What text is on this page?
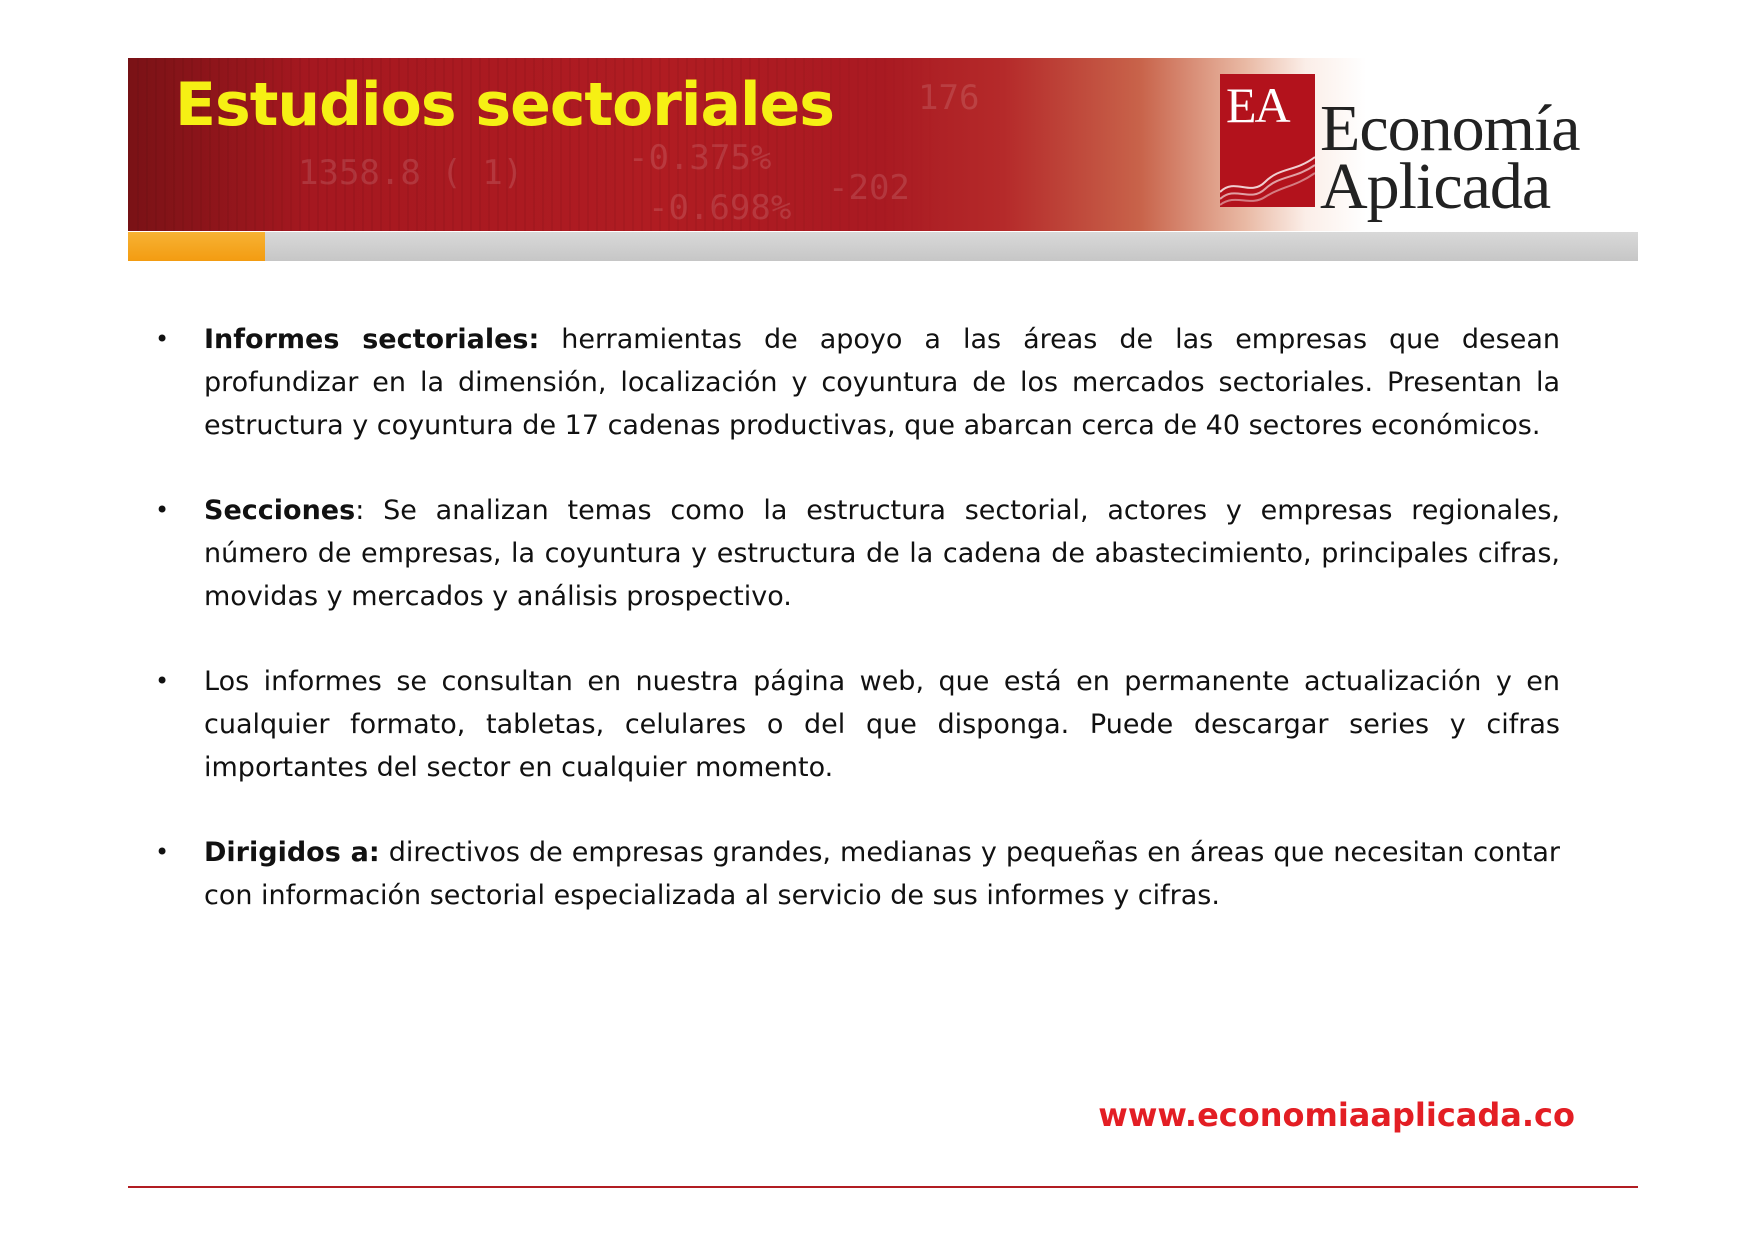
1358.8 ( 1)	-0.375%
-0.698% -202
176
Estudios sectoriales	EA Economía
Aplicada
• Informes sectoriales: herramientas de apoyo a las áreas de las empresas que desean profundizar en la dimensión, localización y coyuntura de los mercados sectoriales. Presentan la estructura y coyuntura de 17 cadenas productivas, que abarcan cerca de 40 sectores económicos.
• Secciones: Se analizan temas como la estructura sectorial, actores y empresas regionales, número de empresas, la coyuntura y estructura de la cadena de abastecimiento, principales cifras, movidas y mercados y análisis prospectivo.
• Los informes se consultan en nuestra página web, que está en permanente actualización y en cualquier formato, tabletas, celulares o del que disponga. Puede descargar series y cifras importantes del sector en cualquier momento.
• Dirigidos a: directivos de empresas grandes, medianas y pequeñas en áreas que necesitan contar con información sectorial especializada al servicio de sus informes y cifras.
www.economiaaplicada.co
